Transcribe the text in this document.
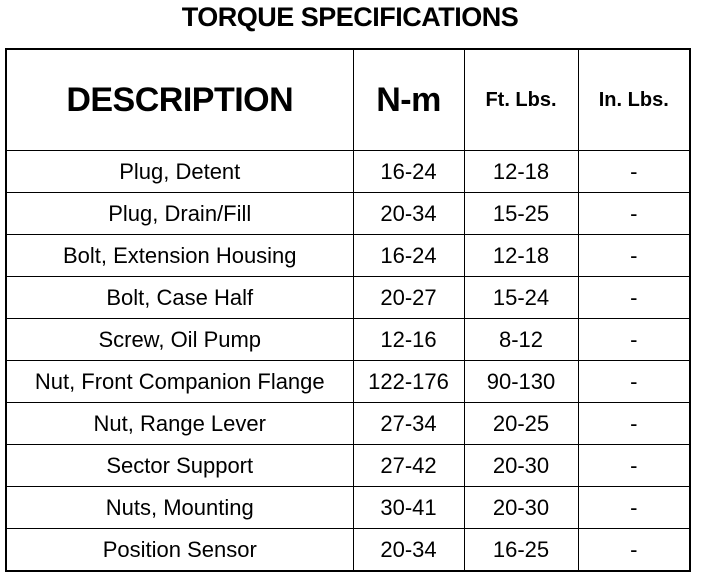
TORQUE SPECIFICATIONS
DESCRIPTION	N-m	Ft. Lbs.	In. Lbs.
Plug, Detent	16-24	12-18	-
Plug, Drain/Fill	20-34	15-25	-
Bolt, Extension Housing	16-24	12-18	-
Bolt, Case Half	20-27	15-24	-
Screw, Oil Pump	12-16	8-12	-
Nut, Front Companion Flange	122-176	90-130	-
Nut, Range Lever	27-34	20-25	-
Sector Support	27-42	20-30	-
Nuts, Mounting	30-41	20-30	-
Position Sensor	20-34	16-25	-
